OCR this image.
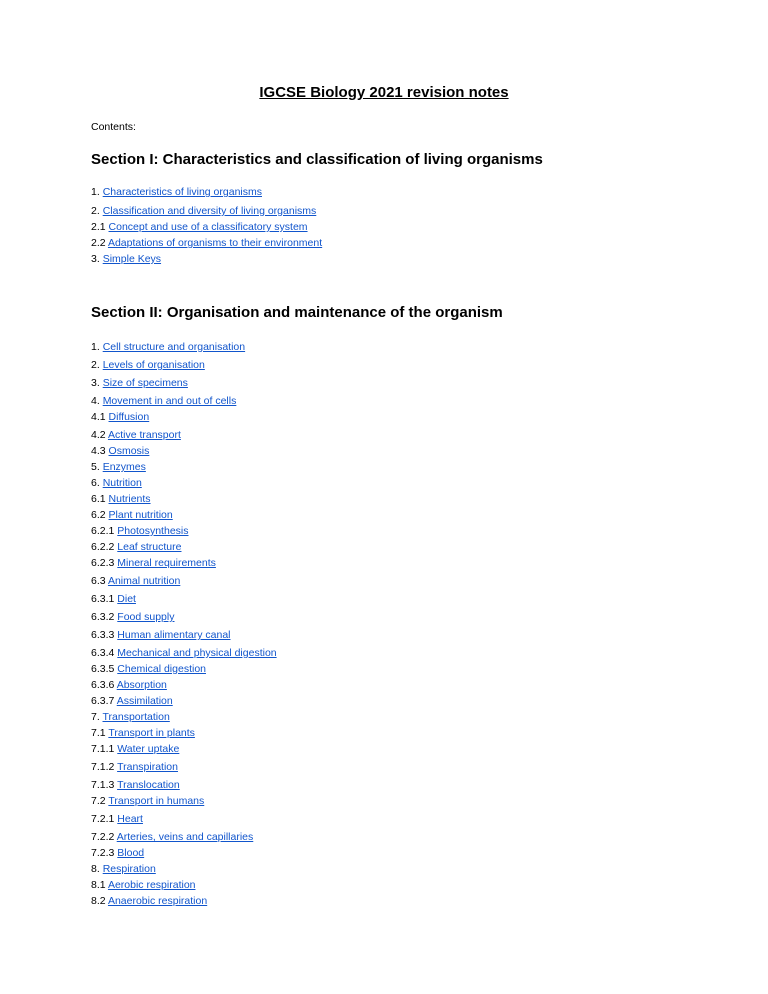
IGCSE Biology 2021 revision notes

Contents:

Section I: Characteristics and classification of living organisms
1. Characteristics of living organisms
2. Classification and diversity of living organisms
2.1 Concept and use of a classificatory system
2.2 Adaptations of organisms to their environment
3. Simple Keys
Section II: Organisation and maintenance of the organism
1. Cell structure and organisation
2. Levels of organisation
3. Size of specimens
4. Movement in and out of cells
4.1 Diffusion
4.2 Active transport
4.3 Osmosis
5. Enzymes
6. Nutrition
6.1 Nutrients
6.2 Plant nutrition
6.2.1 Photosynthesis
6.2.2 Leaf structure
6.2.3 Mineral requirements
6.3 Animal nutrition
6.3.1 Diet
6.3.2 Food supply
6.3.3 Human alimentary canal
6.3.4 Mechanical and physical digestion
6.3.5 Chemical digestion
6.3.6 Absorption
6.3.7 Assimilation
7. Transportation
7.1 Transport in plants
7.1.1 Water uptake
7.1.2 Transpiration
7.1.3 Translocation
7.2 Transport in humans
7.2.1 Heart
7.2.2 Arteries, veins and capillaries
7.2.3 Blood
8. Respiration
8.1 Aerobic respiration
8.2 Anaerobic respiration
